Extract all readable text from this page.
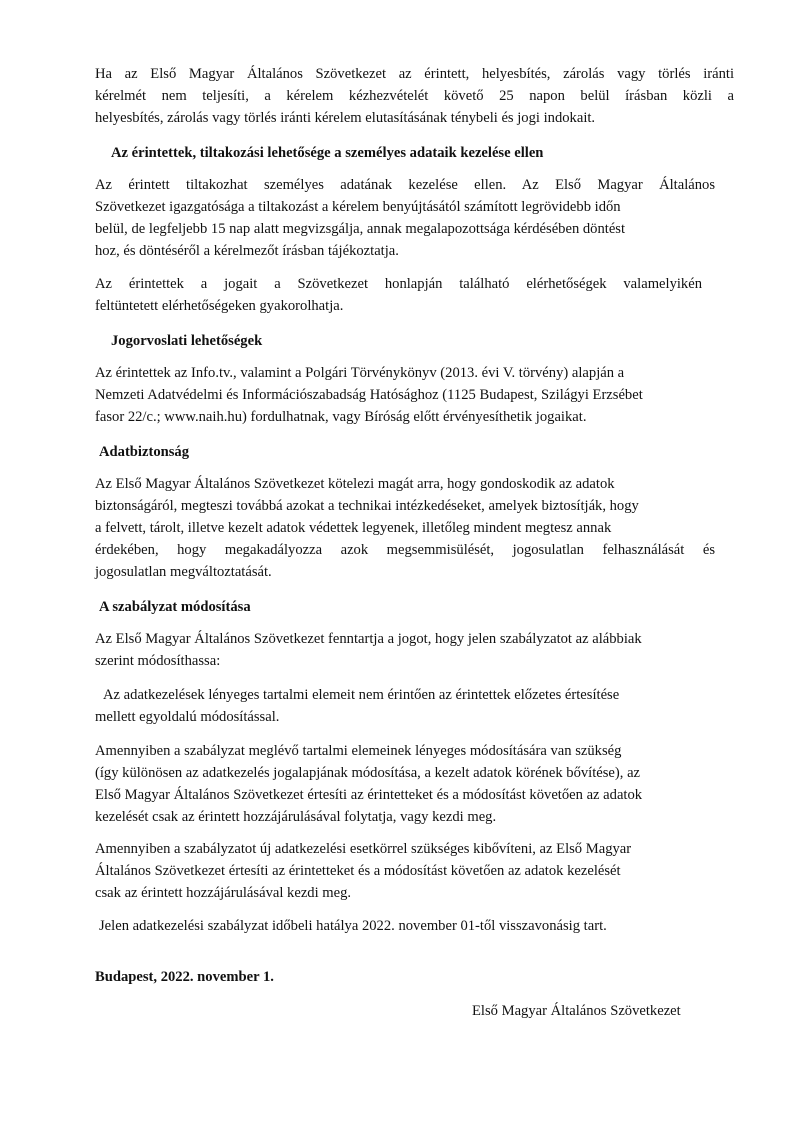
Ha az Első Magyar Általános Szövetkezet az érintett, helyesbítés, zárolás vagy törlés iránti
kérelmét nem teljesíti, a kérelem kézhezvételét követő 25 napon belül írásban közli a
helyesbítés, zárolás vagy törlés iránti kérelem elutasításának ténybeli és jogi indokait.
Az érintettek, tiltakozási lehetősége a személyes adataik kezelése ellen
Az érintett tiltakozhat személyes adatának kezelése ellen. Az Első Magyar Általános
Szövetkezet igazgatósága a tiltakozást a kérelem benyújtásától számított legrövidebb időn
belül, de legfeljebb 15 nap alatt megvizsgálja, annak megalapozottsága kérdésében döntést
hoz, és döntéséről a kérelmezőt írásban tájékoztatja.
Az érintettek a jogait a Szövetkezet honlapján található elérhetőségek valamelyikén
feltüntetett elérhetőségeken gyakorolhatja.
Jogorvoslati lehetőségek
Az érintettek az Info.tv., valamint a Polgári Törvénykönyv (2013. évi V. törvény) alapján a
Nemzeti Adatvédelmi és Információszabadság Hatósághoz (1125 Budapest, Szilágyi Erzsébet
fasor 22/c.; www.naih.hu) fordulhatnak, vagy Bíróság előtt érvényesíthetik jogaikat.
Adatbiztonság
Az Első Magyar Általános Szövetkezet kötelezi magát arra, hogy gondoskodik az adatok
biztonságáról, megteszi továbbá azokat a technikai intézkedéseket, amelyek biztosítják, hogy
a felvett, tárolt, illetve kezelt adatok védettek legyenek, illetőleg mindent megtesz annak
érdekében, hogy megakadályozza azok megsemmisülését, jogosulatlan felhasználását és
jogosulatlan megváltoztatását.
A szabályzat módosítása
Az Első Magyar Általános Szövetkezet fenntartja a jogot, hogy jelen szabályzatot az alábbiak
szerint módosíthassa:
Az adatkezelések lényeges tartalmi elemeit nem érintően az érintettek előzetes értesítése
mellett egyoldalú módosítással.
Amennyiben a szabályzat meglévő tartalmi elemeinek lényeges módosítására van szükség
(így különösen az adatkezelés jogalapjának módosítása, a kezelt adatok körének bővítése), az
Első Magyar Általános Szövetkezet értesíti az érintetteket és a módosítást követően az adatok
kezelését csak az érintett hozzájárulásával folytatja, vagy kezdi meg.
Amennyiben a szabályzatot új adatkezelési esetkörrel szükséges kibővíteni, az Első Magyar
Általános Szövetkezet értesíti az érintetteket és a módosítást követően az adatok kezelését
csak az érintett hozzájárulásával kezdi meg.
Jelen adatkezelési szabályzat időbeli hatálya 2022. november 01-től visszavonásig tart.
Budapest, 2022. november 1.
Első Magyar Általános Szövetkezet
